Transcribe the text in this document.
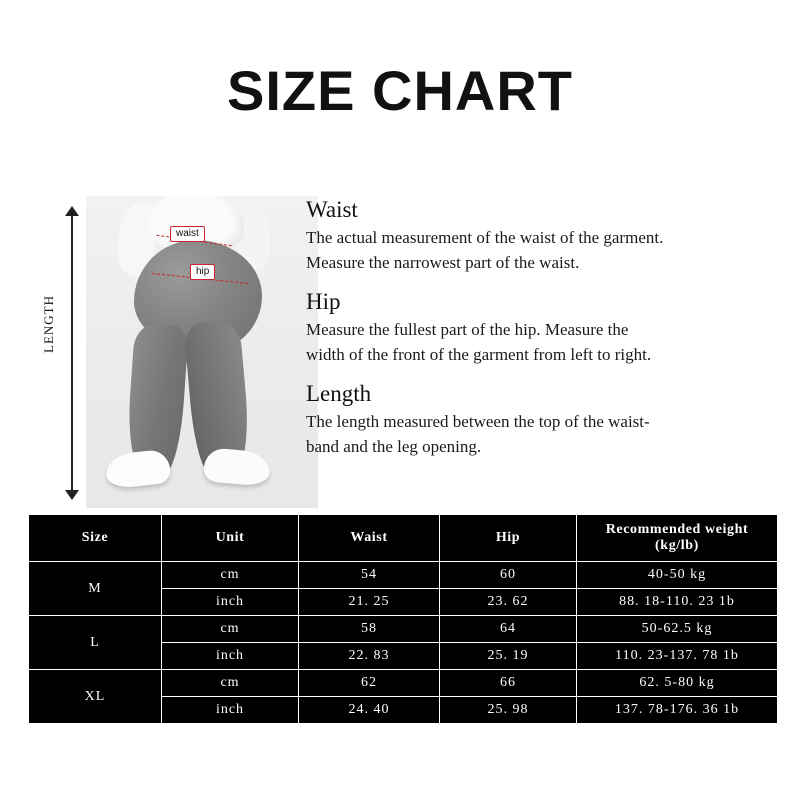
SIZE CHART
LENGTH
waist
hip
Waist

The actual measurement of the waist of the garment.

Measure the narrowest part of the waist.

Hip

Measure the fullest part of the hip. Measure the

width of the front of the garment from left to right.

Length

The length measured between the top of the waist-

band and the leg opening.

Size	Unit	Waist	Hip	Recommended weight
(kg/lb)

M	cm	54	60	40-50 kg
	inch	21. 25	23. 62	88. 18-110. 23 1b
L	cm	58	64	50-62.5 kg
	inch	22. 83	25. 19	110. 23-137. 78 1b
XL	cm	62	66	62. 5-80 kg
	inch	24. 40	25. 98	137. 78-176. 36 1b
